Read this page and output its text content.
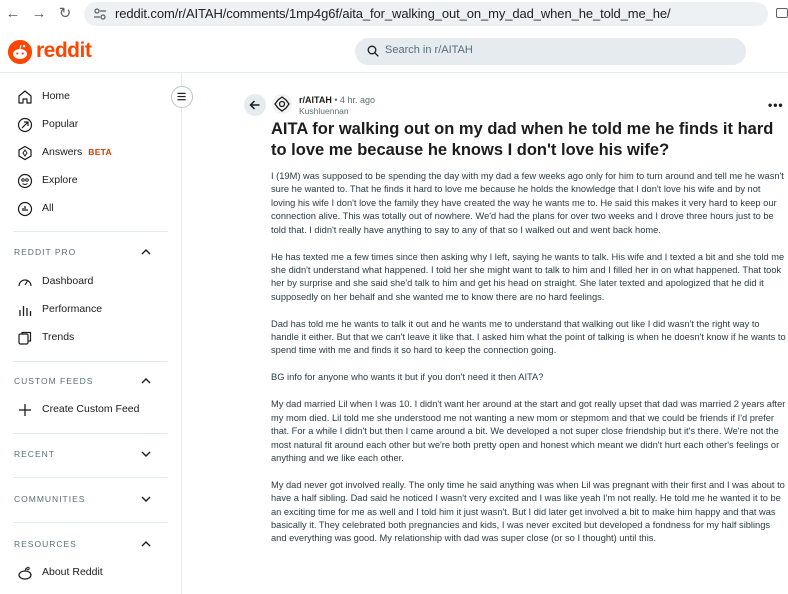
← → ↻	reddit.com/r/AITAH/comments/1mp4g6f/aita_for_walking_out_on_my_dad_when_he_told_me_he/
reddit	Search in r/AITAH
Home
Popular
Answers BETA
Explore
All
REDDIT PRO
Dashboard
Performance
Trends
CUSTOM FEEDS
Create Custom Feed
RECENT
COMMUNITIES
RESOURCES
About Reddit
r/AITAH • 4 hr. ago
Kushluennan	•••
AITA for walking out on my dad when he told me he finds it hard to love me because he knows I don't love his wife?

I (19M) was supposed to be spending the day with my dad a few weeks ago only for him to turn around and tell me he wasn't sure he wanted to. That he finds it hard to love me because he holds the knowledge that I don't love his wife and by not loving his wife I don't love the family they have created the way he wants me to. He said this makes it very hard to keep our connection alive. This was totally out of nowhere. We'd had the plans for over two weeks and I drove three hours just to be told that. I didn't really have anything to say to any of that so I walked out and went back home.

He has texted me a few times since then asking why I left, saying he wants to talk. His wife and I texted a bit and she told me she didn't understand what happened. I told her she might want to talk to him and I filled her in on what happened. That took her by surprise and she said she'd talk to him and get his head on straight. She later texted and apologized that he did it supposedly on her behalf and she wanted me to know there are no hard feelings.

Dad has told me he wants to talk it out and he wants me to understand that walking out like I did wasn't the right way to handle it either. But that we can't leave it like that. I asked him what the point of talking is when he doesn't know if he wants to spend time with me and finds it so hard to keep the connection going.

BG info for anyone who wants it but if you don't need it then AITA?

My dad married Lil when I was 10. I didn't want her around at the start and got really upset that dad was married 2 years after my mom died. Lil told me she understood me not wanting a new mom or stepmom and that we could be friends if I'd prefer that. For a while I didn't but then I came around a bit. We developed a not super close friendship but it's there. We're not the most natural fit around each other but we're both pretty open and honest which meant we didn't hurt each other's feelings or anything and we like each other.

My dad never got involved really. The only time he said anything was when Lil was pregnant with their first and I was about to have a half sibling. Dad said he noticed I wasn't very excited and I was like yeah I'm not really. He told me he wanted it to be an exciting time for me as well and I told him it just wasn't. But I did later get involved a bit to make him happy and that was basically it. They celebrated both pregnancies and kids, I was never excited but developed a fondness for my half siblings and everything was good. My relationship with dad was super close (or so I thought) until this.
